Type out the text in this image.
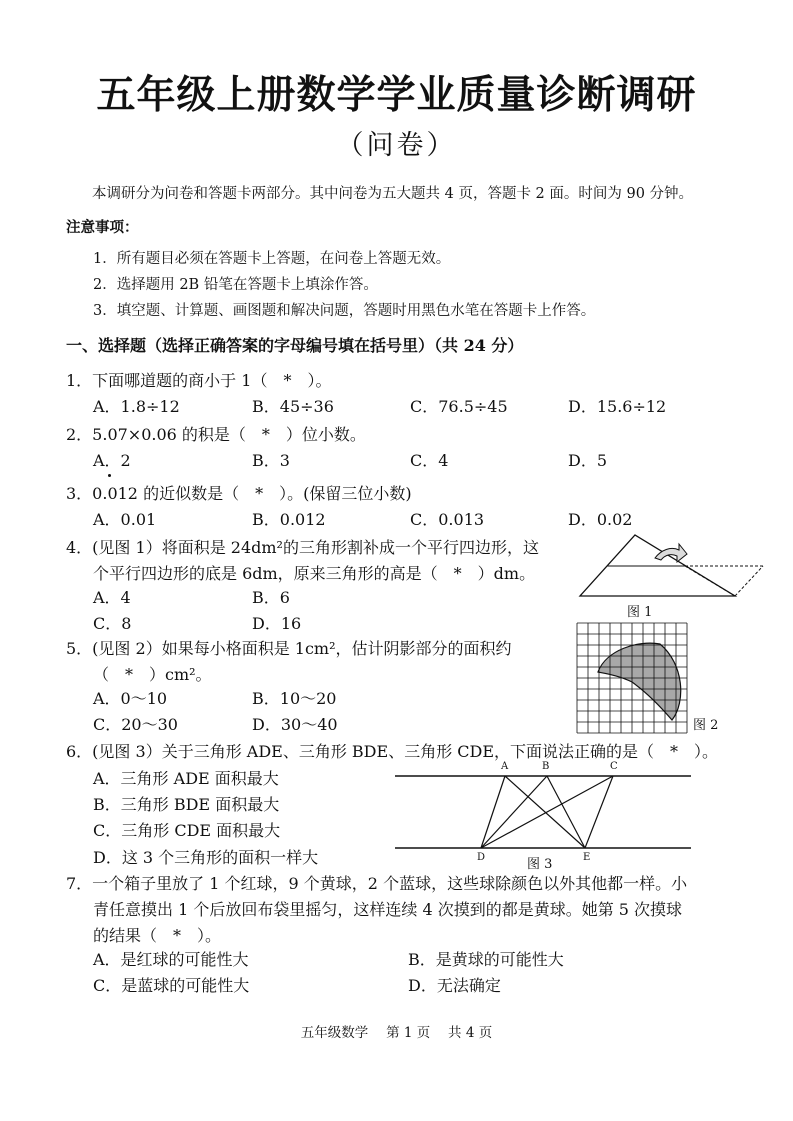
五年级上册数学学业质量诊断调研
（问卷）
本调研分为问卷和答题卡两部分。其中问卷为五大题共 4 页，答题卡 2 面。时间为 90 分钟。
注意事项：
1．所有题目必须在答题卡上答题，在问卷上答题无效。
2．选择题用 2B 铅笔在答题卡上填涂作答。
3．填空题、计算题、画图题和解决问题，答题时用黑色水笔在答题卡上作答。
一、选择题（选择正确答案的字母编号填在括号里）（共 24 分）
1．下面哪道题的商小于 1（　*　）。
A．1.8÷12	B．45÷36	C．76.5÷45	D．15.6÷12
2．5.07×0.06 的积是（　*　）位小数。
A．2	B．3	C．4	D．5
3．0.012 的近似数是（　*　）。(保留三位小数)
A．0.01	B．0.012	C．0.013	D．0.02
4．(见图 1）将面积是 24dm²的三角形割补成一个平行四边形，这
个平行四边形的底是 6dm，原来三角形的高是（　*　）dm。
A．4	B．6
C．8	D．16
图 1
5．(见图 2）如果每小格面积是 1cm²，估计阴影部分的面积约
（　*　）cm²。
A．0～10	B．10～20
C．20～30	D．30～40	图 2
6．(见图 3）关于三角形 ADE、三角形 BDE、三角形 CDE，下面说法正确的是（　*　）。
A．三角形 ADE 面积最大
B．三角形 BDE 面积最大
C．三角形 CDE 面积最大
D．这 3 个三角形的面积一样大
A	B	C
D	E
图 3
7．一个箱子里放了 1 个红球，9 个黄球，2 个蓝球，这些球除颜色以外其他都一样。小
青任意摸出 1 个后放回布袋里摇匀，这样连续 4 次摸到的都是黄球。她第 5 次摸球
的结果（　*　）。
A．是红球的可能性大	B．是黄球的可能性大
C．是蓝球的可能性大	D．无法确定
五年级数学　 第 1 页　 共 4 页
